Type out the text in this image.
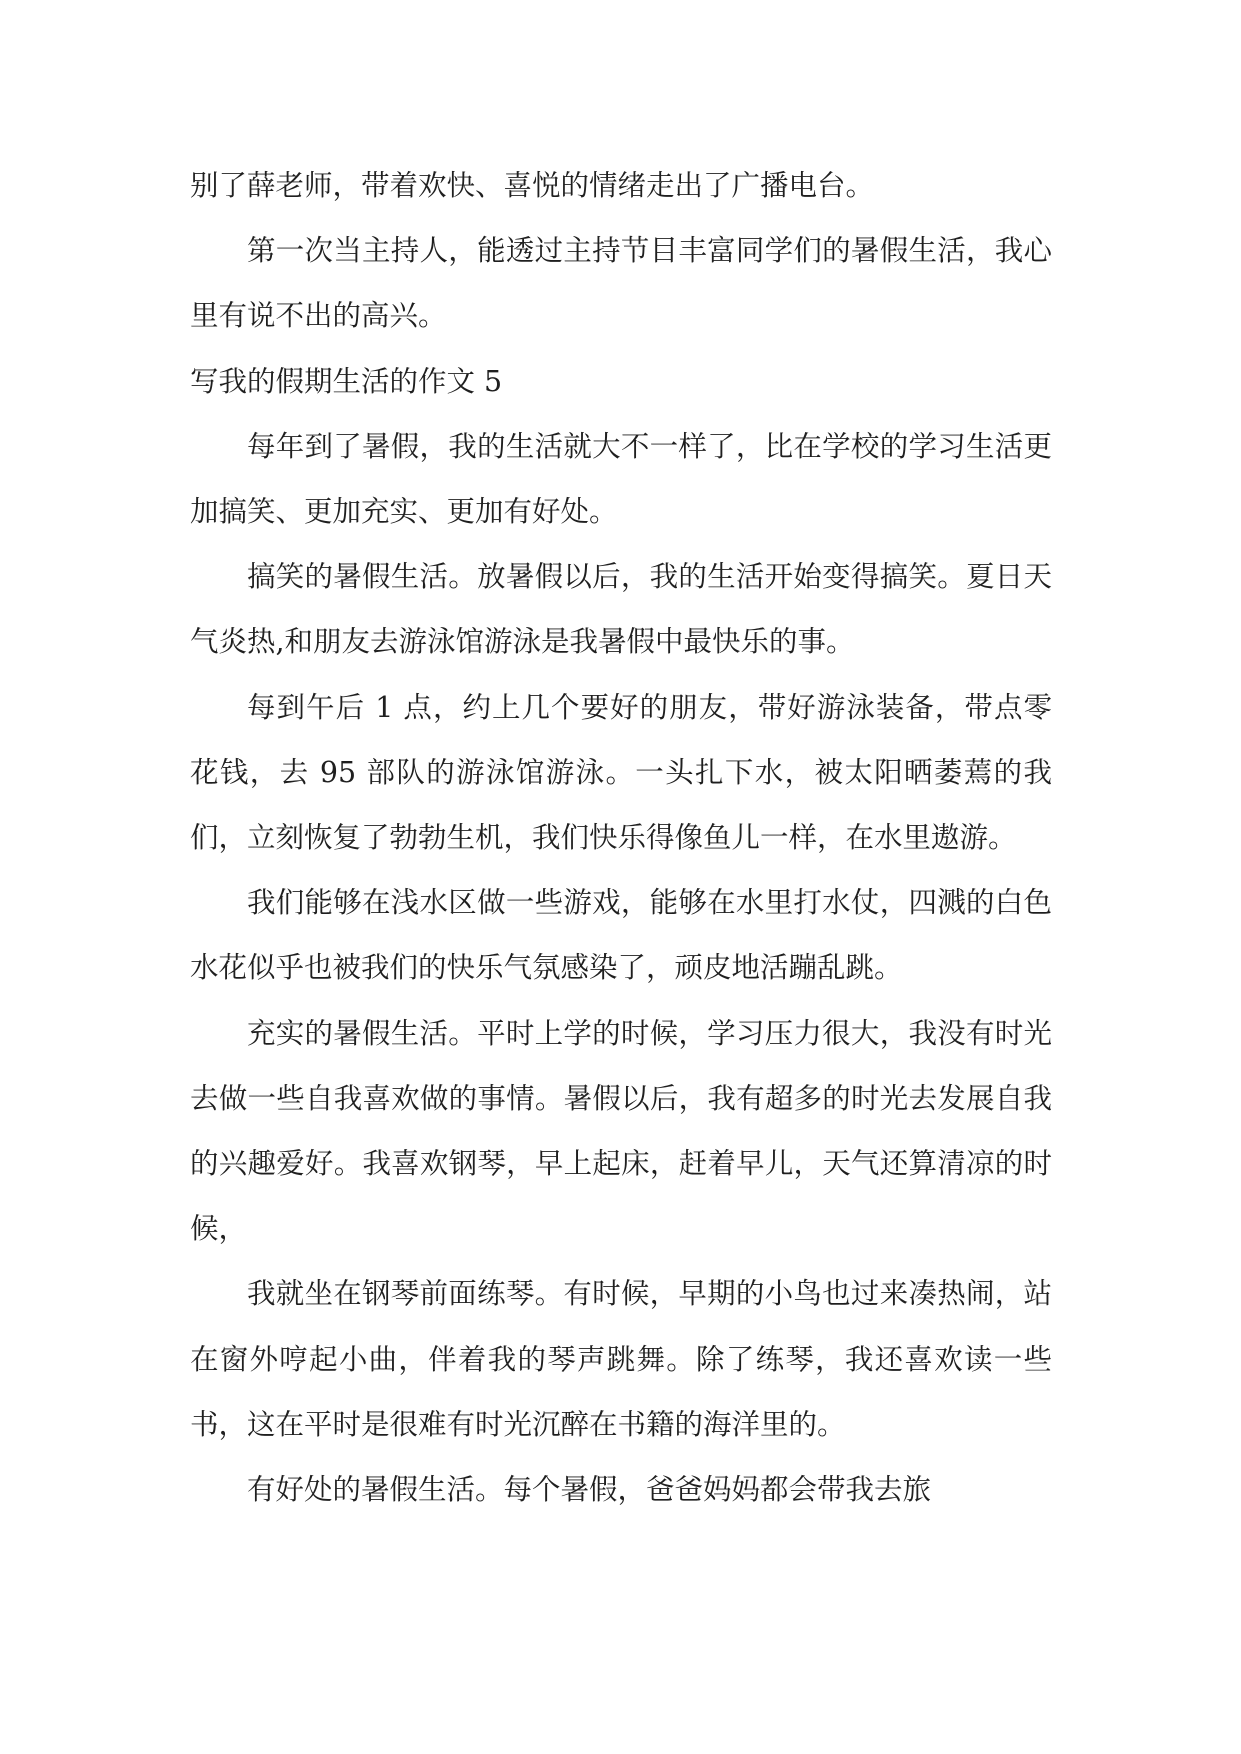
别了薛老师，带着欢快、喜悦的情绪走出了广播电台。

第一次当主持人，能透过主持节目丰富同学们的暑假生活，我心里有说不出的高兴。

写我的假期生活的作文 5

每年到了暑假，我的生活就大不一样了，比在学校的学习生活更加搞笑、更加充实、更加有好处。

搞笑的暑假生活。放暑假以后，我的生活开始变得搞笑。夏日天气炎热,和朋友去游泳馆游泳是我暑假中最快乐的事。

每到午后 1 点，约上几个要好的朋友，带好游泳装备，带点零花钱，去 95 部队的游泳馆游泳。一头扎下水，被太阳晒萎蔫的我们，立刻恢复了勃勃生机，我们快乐得像鱼儿一样，在水里遨游。

我们能够在浅水区做一些游戏，能够在水里打水仗，四溅的白色水花似乎也被我们的快乐气氛感染了，顽皮地活蹦乱跳。

充实的暑假生活。平时上学的时候，学习压力很大，我没有时光去做一些自我喜欢做的事情。暑假以后，我有超多的时光去发展自我的兴趣爱好。我喜欢钢琴，早上起床，赶着早儿，天气还算清凉的时候，

我就坐在钢琴前面练琴。有时候，早期的小鸟也过来凑热闹，站在窗外哼起小曲，伴着我的琴声跳舞。除了练琴，我还喜欢读一些书，这在平时是很难有时光沉醉在书籍的海洋里的。

有好处的暑假生活。每个暑假，爸爸妈妈都会带我去旅
